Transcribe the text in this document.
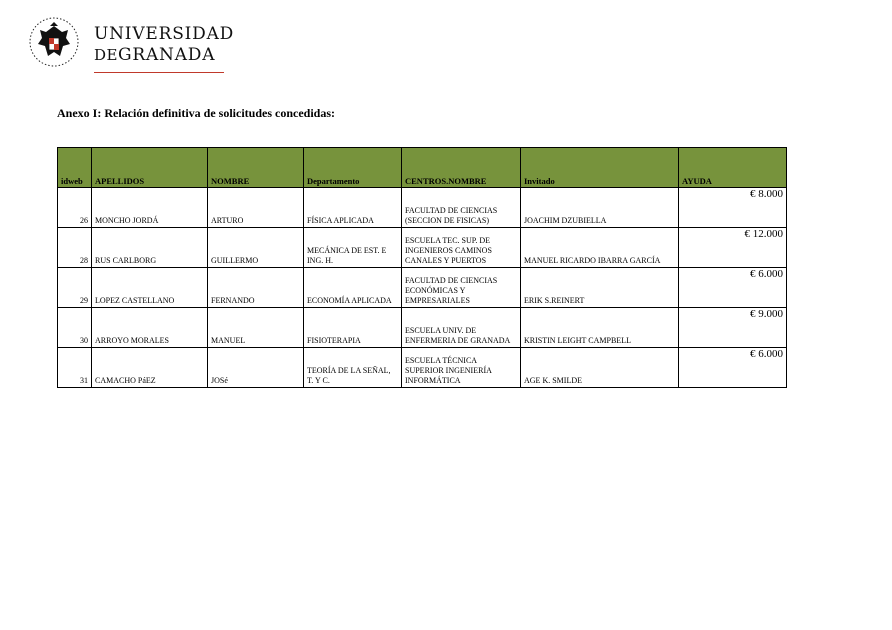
UNIVERSIDAD
DEGRANADA
Anexo I: Relación definitiva de solicitudes concedidas:
idweb	APELLIDOS	NOMBRE	Departamento	CENTROS.NOMBRE	Invitado	AYUDA
26	MONCHO JORDÁ	ARTURO	FÍSICA APLICADA	FACULTAD DE CIENCIAS (SECCION DE FISICAS)	JOACHIM DZUBIELLA	€ 8.000
28	RUS CARLBORG	GUILLERMO	MECÁNICA DE EST. E ING. H.	ESCUELA TEC. SUP. DE INGENIEROS CAMINOS CANALES Y PUERTOS	MANUEL RICARDO IBARRA GARCÍA	€ 12.000
29	LOPEZ CASTELLANO	FERNANDO	ECONOMÍA APLICADA	FACULTAD DE CIENCIAS ECONÓMICAS Y EMPRESARIALES	ERIK S.REINERT	€ 6.000
30	ARROYO MORALES	MANUEL	FISIOTERAPIA	ESCUELA UNIV. DE ENFERMERIA DE GRANADA	KRISTIN LEIGHT CAMPBELL	€ 9.000
31	CAMACHO PáEZ	JOSé	TEORÍA DE LA SEÑAL, T. Y C.	ESCUELA TÉCNICA SUPERIOR INGENIERÍA INFORMÁTICA	AGE K. SMILDE	€ 6.000
